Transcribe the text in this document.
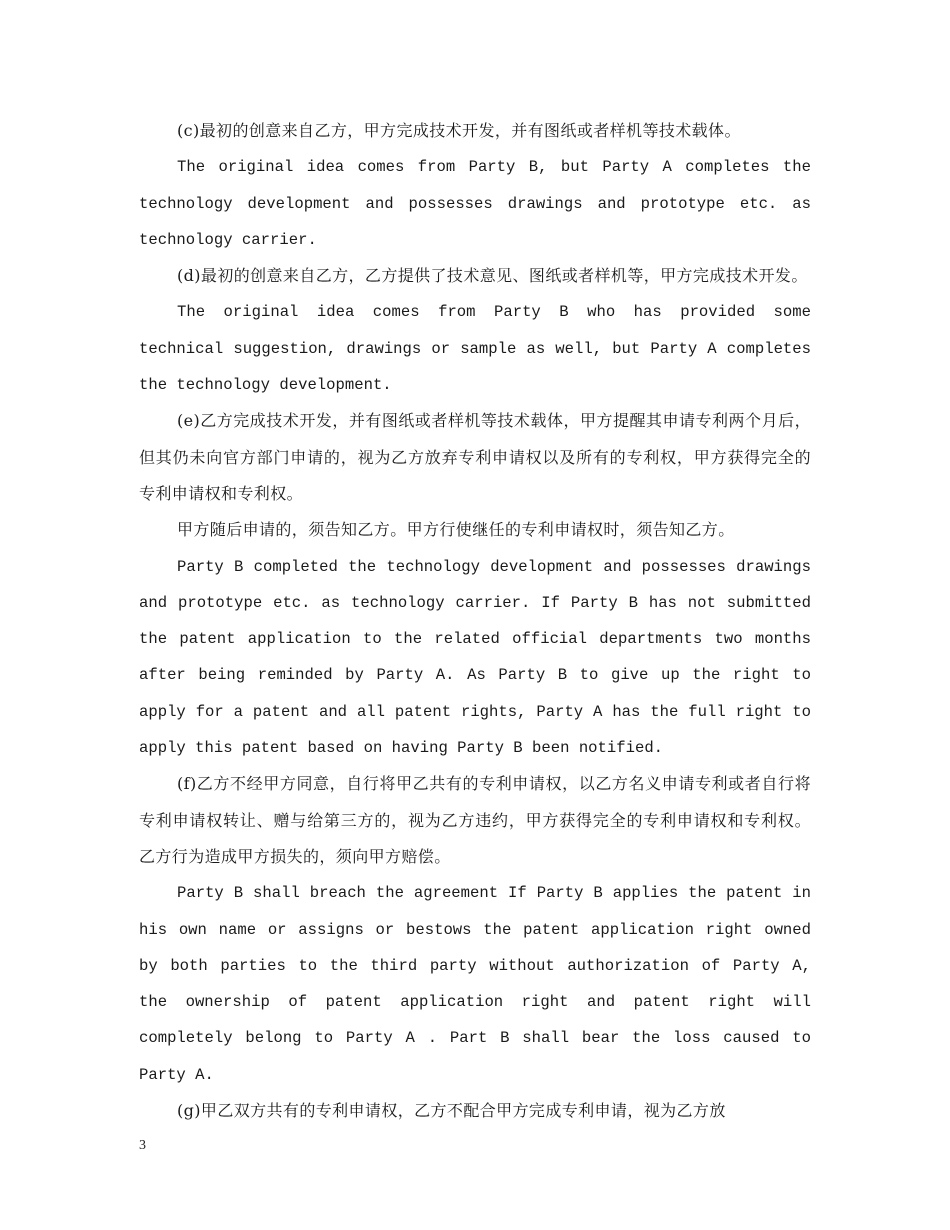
(c)最初的创意来自乙方，甲方完成技术开发，并有图纸或者样机等技术载体。

The original idea comes from Party B, but Party A completes the technology development and possesses drawings and prototype etc. as technology carrier.

(d)最初的创意来自乙方，乙方提供了技术意见、图纸或者样机等，甲方完成技术开发。

The original idea comes from Party B who has provided some technical suggestion, drawings or sample as well, but Party A completes the technology development.

(e)乙方完成技术开发，并有图纸或者样机等技术载体，甲方提醒其申请专利两个月后，但其仍未向官方部门申请的，视为乙方放弃专利申请权以及所有的专利权，甲方获得完全的专利申请权和专利权。

甲方随后申请的，须告知乙方。甲方行使继任的专利申请权时，须告知乙方。

Party B completed the technology development and possesses drawings and prototype etc. as technology carrier. If Party B has not submitted the patent application to the related official departments two months after being reminded by Party A. As Party B to give up the right to apply for a patent and all patent rights, Party A has the full right to apply this patent based on having Party B been notified.

(f)乙方不经甲方同意，自行将甲乙共有的专利申请权，以乙方名义申请专利或者自行将专利申请权转让、赠与给第三方的，视为乙方违约，甲方获得完全的专利申请权和专利权。乙方行为造成甲方损失的，须向甲方赔偿。

Party B shall breach the agreement If Party B applies the patent in his own name or assigns or bestows the patent application right owned by both parties to the third party without authorization of Party A, the ownership of patent application right and patent right will completely belong to Party A . Part B shall bear the loss caused to Party A.

(g)甲乙双方共有的专利申请权，乙方不配合甲方完成专利申请，视为乙方放

3
